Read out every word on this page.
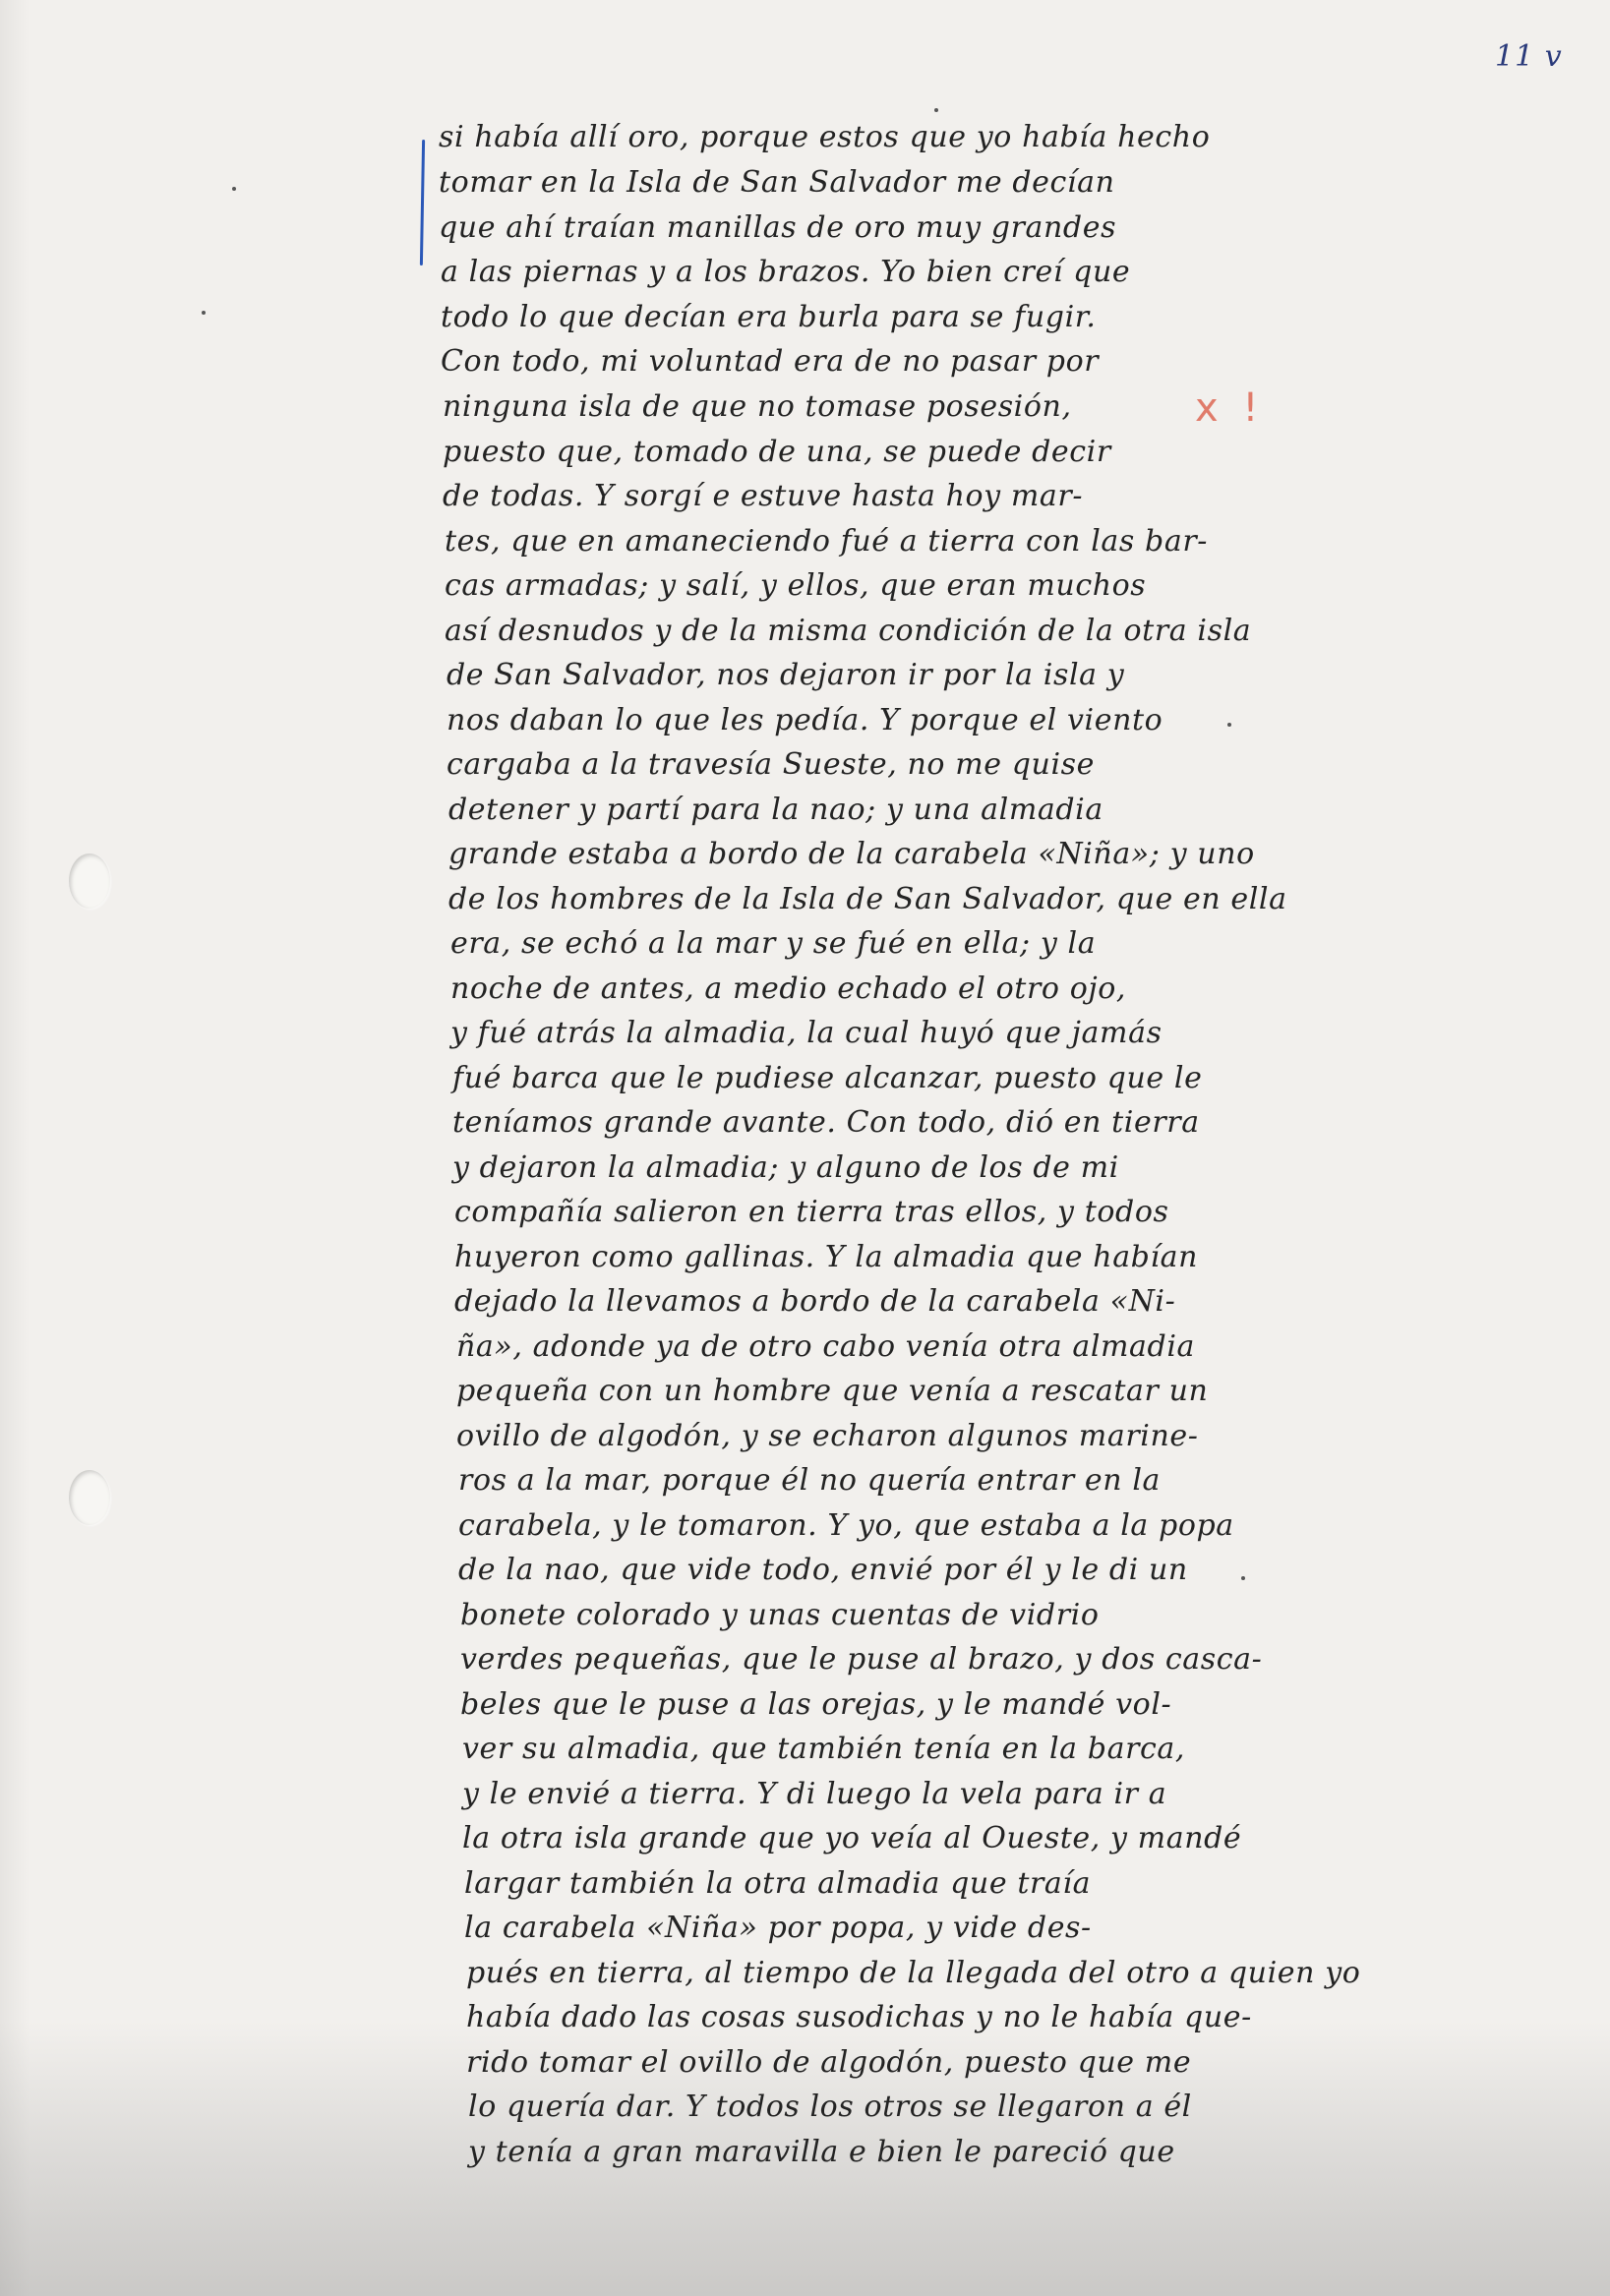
11 v
x !
si había allí oro, porque estos que yo había hecho
tomar en la Isla de San Salvador me decían
que ahí traían manillas de oro muy grandes
a las piernas y a los brazos. Yo bien creí que
todo lo que decían era burla para se fugir.
Con todo, mi voluntad era de no pasar por
ninguna isla de que no tomase posesión,
puesto que, tomado de una, se puede decir
de todas. Y sorgí e estuve hasta hoy mar-
tes, que en amaneciendo fué a tierra con las bar-
cas armadas; y salí, y ellos, que eran muchos
así desnudos y de la misma condición de la otra isla
de San Salvador, nos dejaron ir por la isla y
nos daban lo que les pedía. Y porque el viento
cargaba a la travesía Sueste, no me quise
detener y partí para la nao; y una almadia
grande estaba a bordo de la carabela «Niña»; y uno
de los hombres de la Isla de San Salvador, que en ella
era, se echó a la mar y se fué en ella; y la
noche de antes, a medio echado el otro ojo,
y fué atrás la almadia, la cual huyó que jamás
fué barca que le pudiese alcanzar, puesto que le
teníamos grande avante. Con todo, dió en tierra
y dejaron la almadia; y alguno de los de mi
compañía salieron en tierra tras ellos, y todos
huyeron como gallinas. Y la almadia que habían
dejado la llevamos a bordo de la carabela «Ni-
ña», adonde ya de otro cabo venía otra almadia
pequeña con un hombre que venía a rescatar un
ovillo de algodón, y se echaron algunos marine-
ros a la mar, porque él no quería entrar en la
carabela, y le tomaron. Y yo, que estaba a la popa
de la nao, que vide todo, envié por él y le di un
bonete colorado y unas cuentas de vidrio
verdes pequeñas, que le puse al brazo, y dos casca-
beles que le puse a las orejas, y le mandé vol-
ver su almadia, que también tenía en la barca,
y le envié a tierra. Y di luego la vela para ir a
la otra isla grande que yo veía al Oueste, y mandé
largar también la otra almadia que traía
la carabela «Niña» por popa, y vide des-
pués en tierra, al tiempo de la llegada del otro a quien yo
había dado las cosas susodichas y no le había que-
rido tomar el ovillo de algodón, puesto que me
lo quería dar. Y todos los otros se llegaron a él
y tenía a gran maravilla e bien le pareció que
